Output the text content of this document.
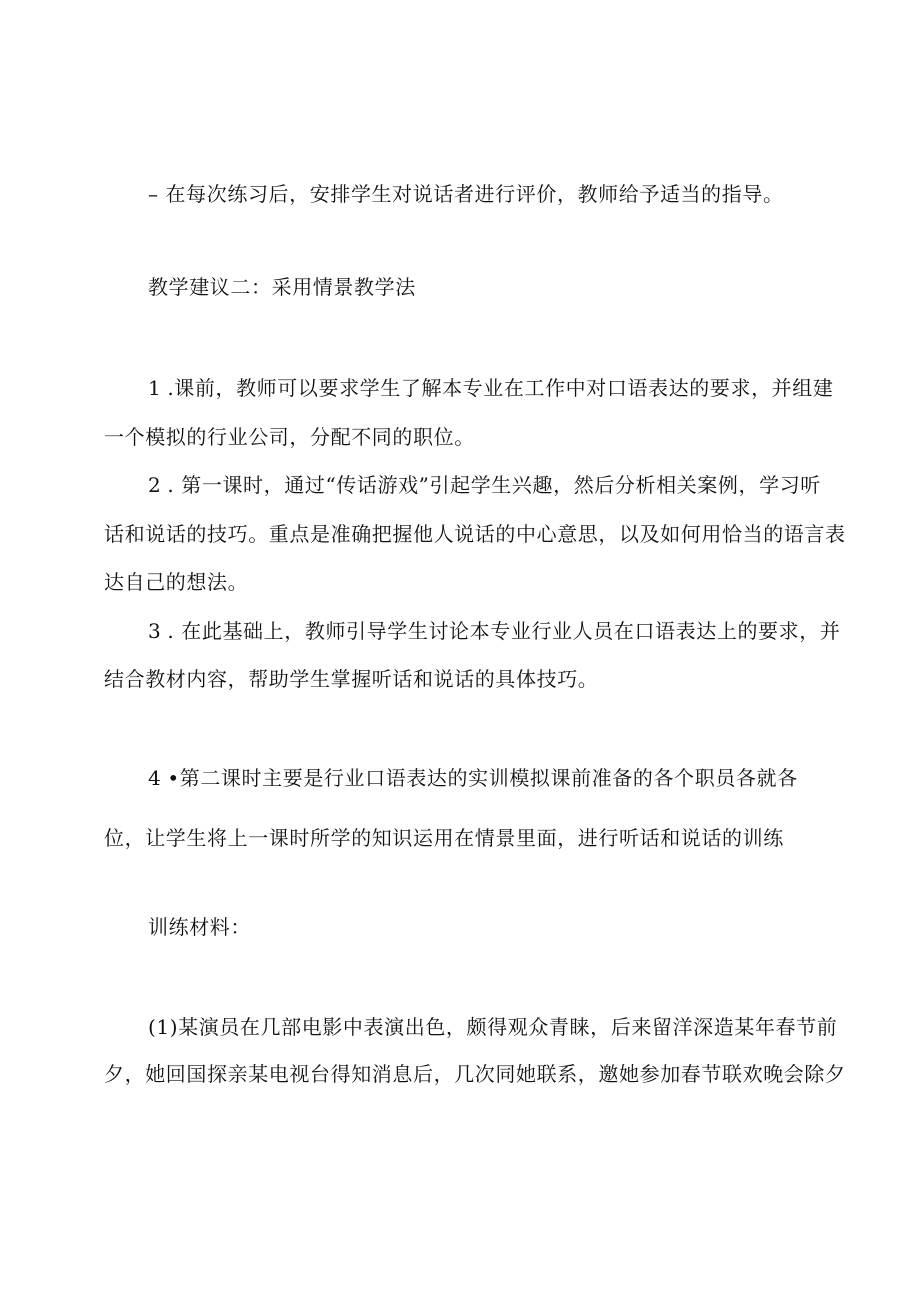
– 在每次练习后，安排学生对说话者进行评价，教师给予适当的指导。
教学建议二：采用情景教学法
1 .课前，教师可以要求学生了解本专业在工作中对口语表达的要求，并组建
一个模拟的行业公司，分配不同的职位。
2 . 第一课时，通过“传话游戏”引起学生兴趣，然后分析相关案例，学习听
话和说话的技巧。重点是准确把握他人说话的中心意思，以及如何用恰当的语言表
达自己的想法。
3 . 在此基础上，教师引导学生讨论本专业行业人员在口语表达上的要求，并
结合教材内容，帮助学生掌握听话和说话的具体技巧。
4 •第二课时主要是行业口语表达的实训模拟课前准备的各个职员各就各
位，让学生将上一课时所学的知识运用在情景里面，进行听话和说话的训练
训练材料：
(1)某演员在几部电影中表演出色，颇得观众青睐，后来留洋深造某年春节前
夕，她回国探亲某电视台得知消息后，几次同她联系，邀她参加春节联欢晚会除夕
